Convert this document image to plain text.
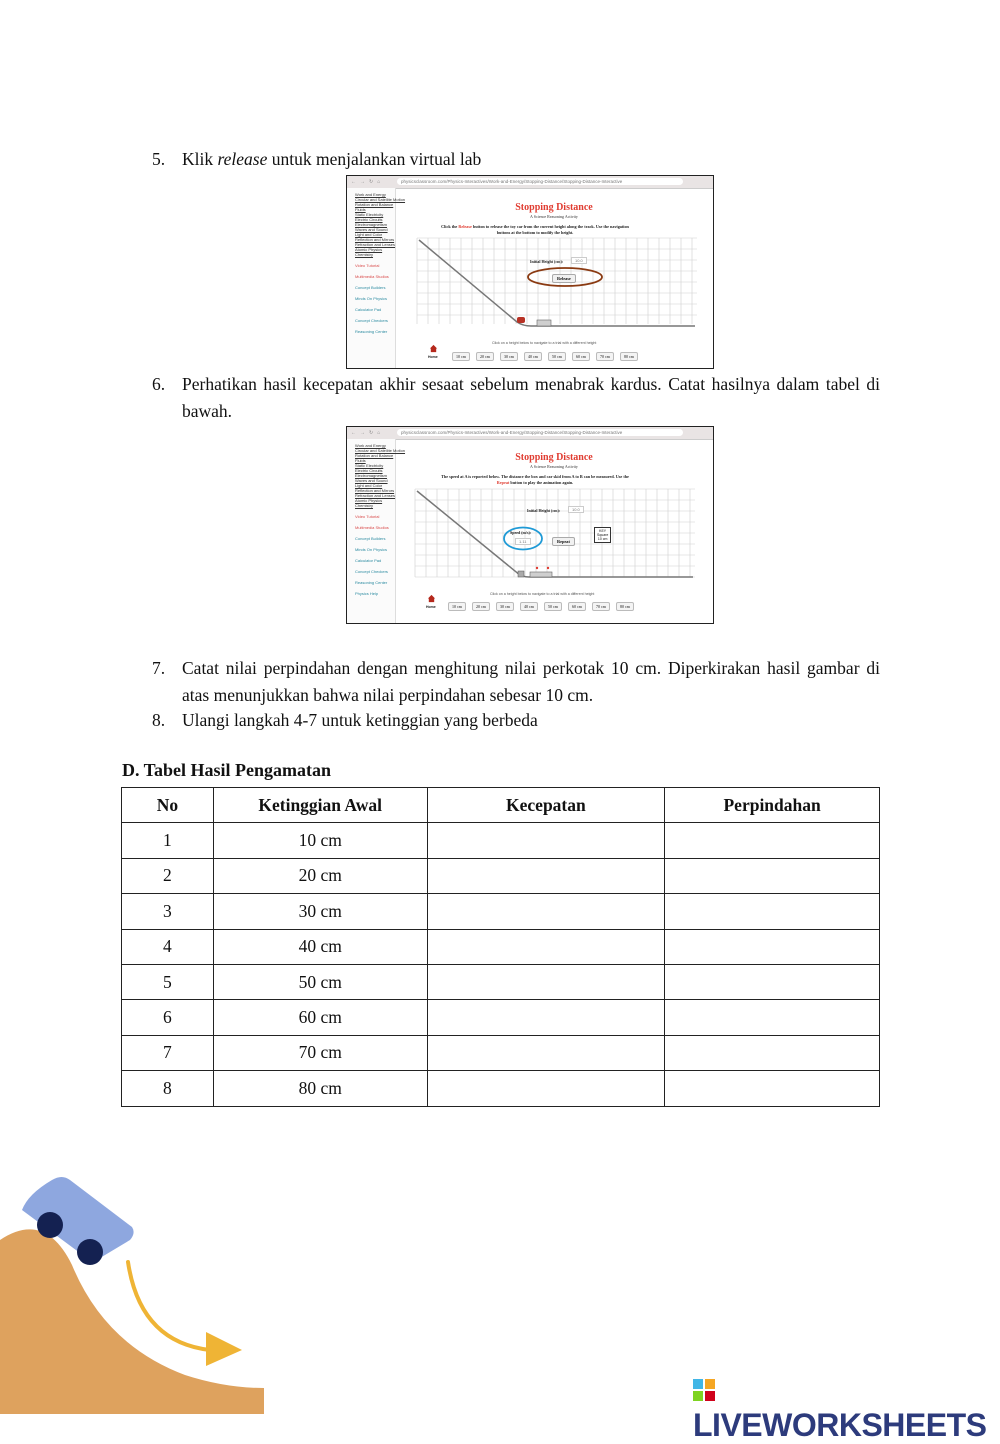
5. Klik release untuk menjalankan virtual lab
←→↻⌂	physicsclassroom.com/Physics-Interactives/Work-and-Energy/Stopping-Distance/Stopping-Distance-Interactive
Work and Energy
Circular and Satellite Motion
Rotation and Balance
Fluids
Static Electricity
Electric Circuits
Electromagnetism
Waves and Sound
Light and Color
Reflection and Mirrors
Refraction and Lenses
Atomic Physics
Chemistry
Video Tutorial
Multimedia Studios
Concept Builders
Minds On Physics
Calculator Pad
Concept Checkers
Reasoning Center
Stopping Distance
A Science Reasoning Activity
Click the Release button to release the toy car from the current height along the track. Use the navigation buttons at the bottom to modify the height.
Initial Height (cm):	10.0
Release
Click on a height below to navigate to a trial with a different height
Home	10 cm	20 cm	30 cm	40 cm	50 cm	60 cm	70 cm	80 cm
6. Perhatikan hasil kecepatan akhir sesaat sebelum menabrak kardus. Catat hasilnya dalam tabel di bawah.
←→↻⌂	physicsclassroom.com/Physics-Interactives/Work-and-Energy/Stopping-Distance/Stopping-Distance-Interactive
Work and Energy
Circular and Satellite Motion
Rotation and Balance
Fluids
Static Electricity
Electric Circuits
Electromagnetism
Waves and Sound
Light and Color
Reflection and Mirrors
Refraction and Lenses
Atomic Physics
Chemistry
Video Tutorial
Multimedia Studios
Concept Builders
Minds On Physics
Calculator Pad
Concept Checkers
Reasoning Center
Physics Help
Stopping Distance
A Science Reasoning Activity
The speed at A is reported below. The distance the box and car skid from A to B can be measured. Use the Repeat button to play the animation again.
Initial Height (cm):	10.0
Speed (m/s):
1.11	Repeat
KEY
Square
10 cm
Click on a height below to navigate to a trial with a different height
Home	10 cm	20 cm	30 cm	40 cm	50 cm	60 cm	70 cm	80 cm
7. Catat nilai perpindahan dengan menghitung nilai perkotak 10 cm. Diperkirakan hasil gambar di atas menunjukkan bahwa nilai perpindahan sebesar 10 cm.
8. Ulangi langkah 4-7 untuk ketinggian yang berbeda
D. Tabel Hasil Pengamatan
No	Ketinggian Awal	Kecepatan	Perpindahan
1	10 cm		
2	20 cm		
3	30 cm		
4	40 cm		
5	50 cm		
6	60 cm		
7	70 cm		
8	80 cm		
LIVEWORKSHEETS
